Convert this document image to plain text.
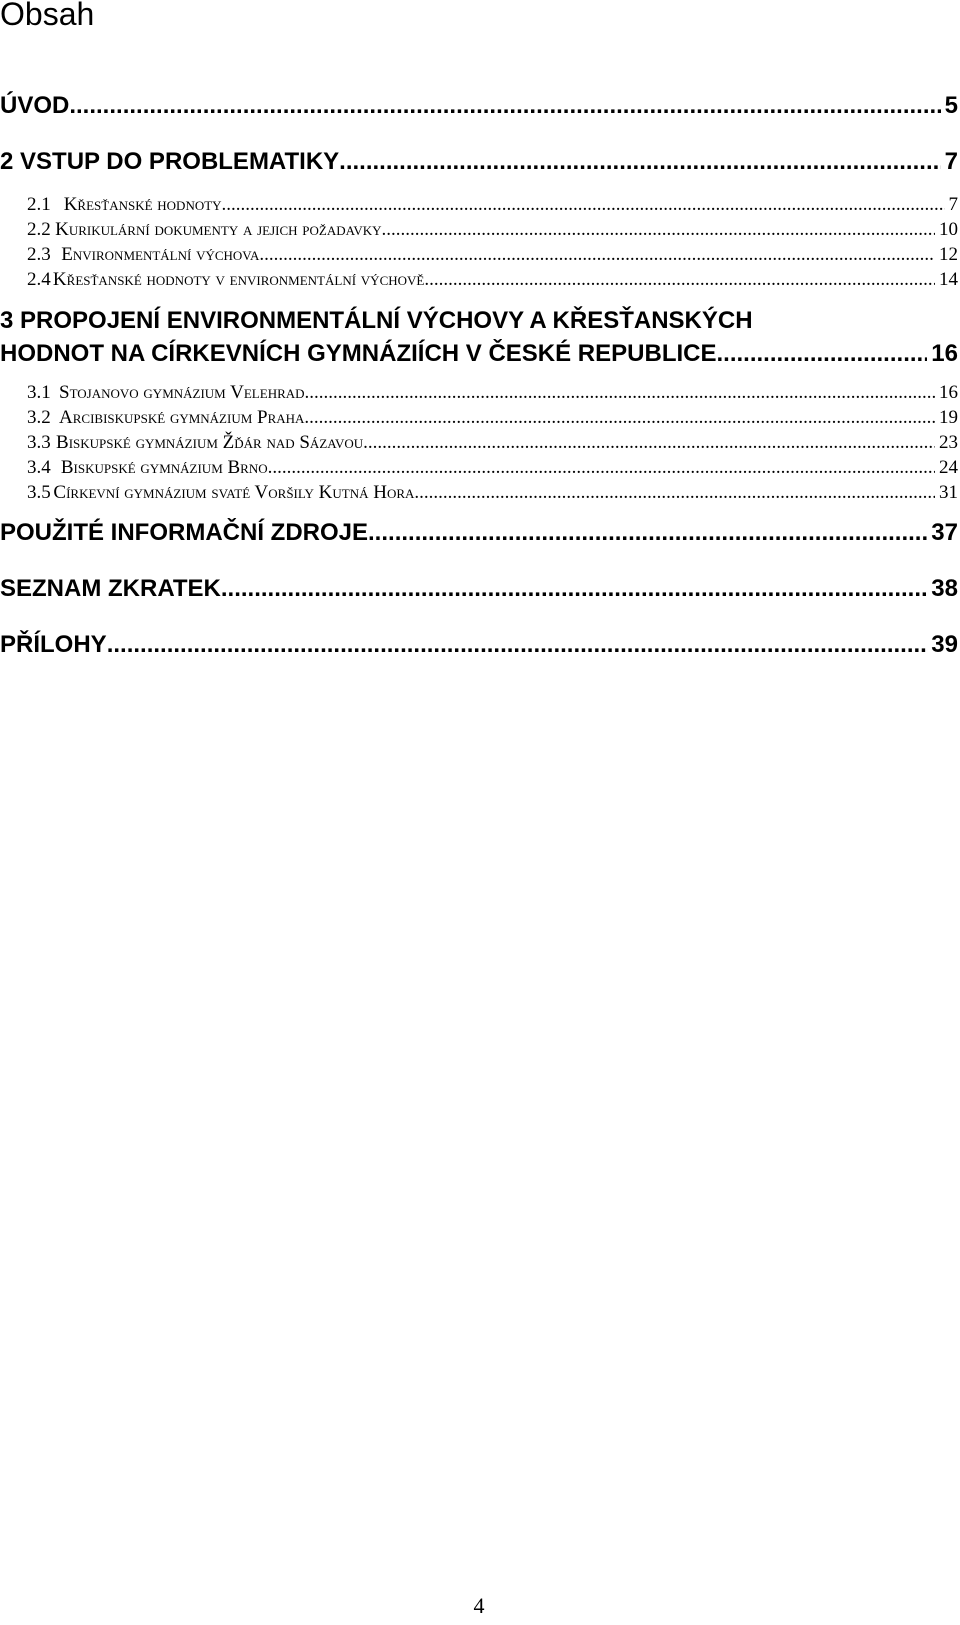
Obsah
ÚVOD .....	5
2 VSTUP DO PROBLEMATIKY .....	7
2.1 Křesťanské hodnoty .....	7
2.2 Kurikulární dokumenty a jejich požadavky .....	10
2.3 Environmentální výchova .....	12
2.4 Křesťanské hodnoty v environmentální výchově .....	14
3 PROPOJENÍ ENVIRONMENTÁLNÍ VÝCHOVY A KŘESŤANSKÝCH
HODNOT NA CÍRKEVNÍCH GYMNÁZIÍCH V ČESKÉ REPUBLICE .....	16
3.1 Stojanovo gymnázium Velehrad .....	16
3.2 Arcibiskupské gymnázium Praha .....	19
3.3 Biskupské gymnázium Žďár nad Sázavou .....	23
3.4 Biskupské gymnázium Brno .....	24
3.5 Církevní gymnázium svaté Voršily Kutná Hora .....	31
POUŽITÉ INFORMAČNÍ ZDROJE .....	37
SEZNAM ZKRATEK .....	38
PŘÍLOHY .....	39
4
